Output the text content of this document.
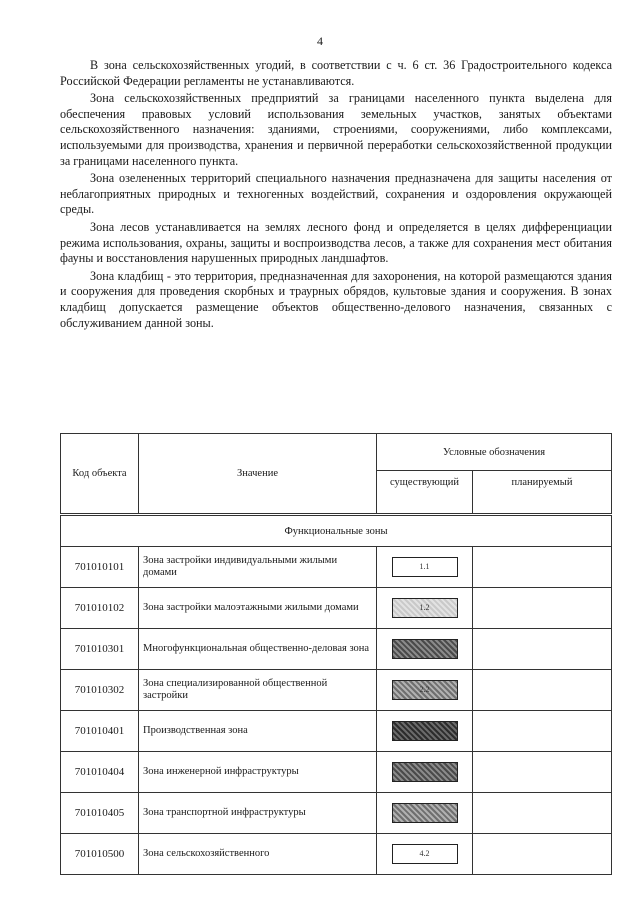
4

В зона сельскохозяйственных угодий, в соответствии с ч. 6 ст. 36 Градостроительного кодекса Российской Федерации регламенты не устанавливаются.

Зона сельскохозяйственных предприятий за границами населенного пункта выделена для обеспечения правовых условий использования земельных участков, занятых объектами сельскохозяйственного назначения: зданиями, строениями, сооружениями, либо комплексами, используемыми для производства, хранения и первичной переработки сельскохозяйственной продукции за границами населенного пункта.

Зона озелененных территорий специального назначения предназначена для защиты населения от неблагоприятных природных и техногенных воздействий, сохранения и оздоровления окружающей среды.

Зона лесов устанавливается на землях лесного фонд и определяется в целях дифференциации режима использования, охраны, защиты и воспроизводства лесов, а также для сохранения мест обитания фауны и восстановления нарушенных природных ландшафтов.

Зона кладбищ - это территория, предназначенная для захоронения, на которой размещаются здания и сооружения для проведения скорбных и траурных обрядов, культовые здания и сооружения. В зонах кладбищ допускается размещение объектов общественно-делового назначения, связанных с обслуживанием данной зоны.

Код объекта	Значение	Условные обозначения	
		существующий	планируемый
Функциональные зоны			
701010101	Зона застройки индивидуальными жилыми домами	1.1	
701010102	Зона застройки малоэтажными жилыми домами	1.2	
701010301	Многофункциональная общественно-деловая зона		
701010302	Зона специализированной общественной застройки	2.2	
701010401	Производственная зона		
701010404	Зона инженерной инфраструктуры		
701010405	Зона транспортной инфраструктуры		
701010500	Зона сельскохозяйственного	4.2	
